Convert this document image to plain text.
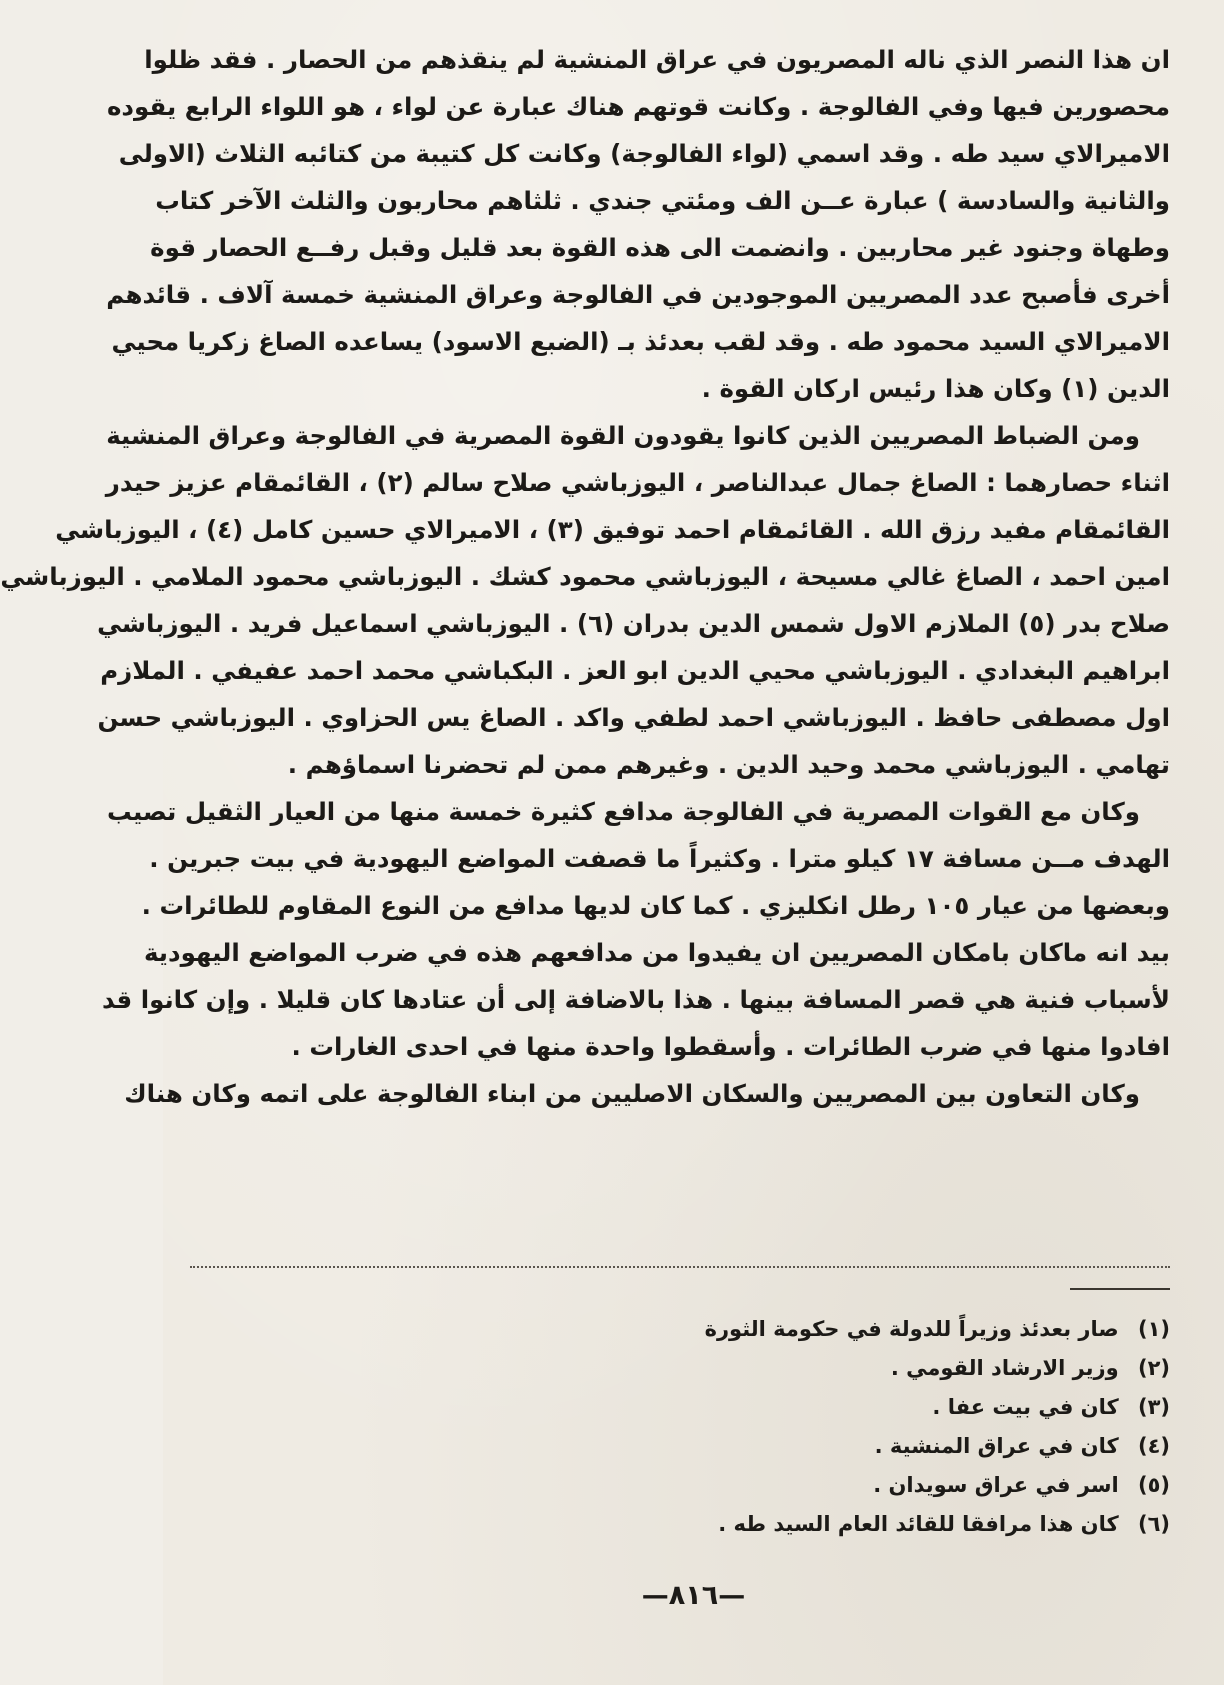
ان هذا النصر الذي ناله المصريون في عراق المنشية لم ينقذهم من الحصار . فقد ظلوا
محصورين فيها وفي الفالوجة . وكانت قوتهم هناك عبارة عن لواء ، هو اللواء الرابع يقوده
الاميرالاي سيد طه . وقد اسمي (لواء الفالوجة) وكانت كل كتيبة من كتائبه الثلاث (الاولى
والثانية والسادسة ) عبارة عــن الف ومئتي جندي . ثلثاهم محاربون والثلث الآخر كتاب
وطهاة وجنود غير محاربين . وانضمت الى هذه القوة بعد قليل وقبل رفــع الحصار قوة
أخرى فأصبح عدد المصريين الموجودين في الفالوجة وعراق المنشية خمسة آلاف . قائدهم
الاميرالاي السيد محمود طه . وقد لقب بعدئذ بـ (الضبع الاسود) يساعده الصاغ زكريا محيي
الدين (١) وكان هذا رئيس اركان القوة .

ومن الضباط المصريين الذين كانوا يقودون القوة المصرية في الفالوجة وعراق المنشية
اثناء حصارهما : الصاغ جمال عبدالناصر ، اليوزباشي صلاح سالم (٢) ، القائمقام عزيز حيدر
القائمقام مفيد رزق الله . القائمقام احمد توفيق (٣) ، الاميرالاي حسين كامل (٤) ، اليوزباشي
امين احمد ، الصاغ غالي مسيحة ، اليوزباشي محمود كشك . اليوزباشي محمود الملامي . اليوزباشي
صلاح بدر (٥) الملازم الاول شمس الدين بدران (٦) . اليوزباشي اسماعيل فريد . اليوزباشي
ابراهيم البغدادي . اليوزباشي محيي الدين ابو العز . البكباشي محمد احمد عفيفي . الملازم
اول مصطفى حافظ . اليوزباشي احمد لطفي واكد . الصاغ يس الحزاوي . اليوزباشي حسن
تهامي . اليوزباشي محمد وحيد الدين . وغيرهم ممن لم تحضرنا اسماؤهم .

وكان مع القوات المصرية في الفالوجة مدافع كثيرة خمسة منها من العيار الثقيل تصيب
الهدف مــن مسافة ١٧ كيلو مترا . وكثيراً ما قصفت المواضع اليهودية في بيت جبرين .
وبعضها من عيار ١٠٥ رطل انكليزي . كما كان لديها مدافع من النوع المقاوم للطائرات .
بيد انه ماكان بامكان المصريين ان يفيدوا من مدافعهم هذه في ضرب المواضع اليهودية
لأسباب فنية هي قصر المسافة بينها . هذا بالاضافة إلى أن عتادها كان قليلا . وإن كانوا قد
افادوا منها في ضرب الطائرات . وأسقطوا واحدة منها في احدى الغارات .

وكان التعاون بين المصريين والسكان الاصليين من ابناء الفالوجة على اتمه وكان هناك

(١) صار بعدئذ وزيراً للدولة في حكومة الثورة
(٢) وزير الارشاد القومي .
(٣) كان في بيت عفا .
(٤) كان في عراق المنشية .
(٥) اسر في عراق سويدان .
(٦) كان هذا مرافقا للقائد العام السيد طه .
—٨١٦—
